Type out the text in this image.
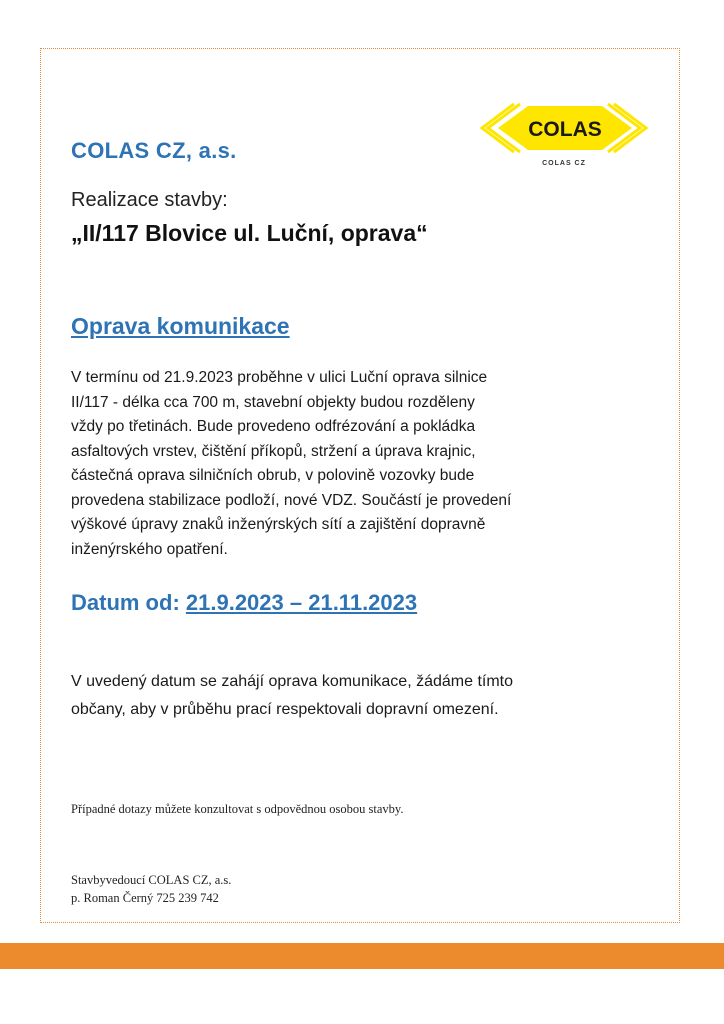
COLAS
COLAS CZ
COLAS CZ, a.s.
Realizace stavby:
„II/117 Blovice ul. Luční, oprava“
Oprava komunikace
V termínu od 21.9.2023 proběhne v ulici Luční oprava silnice
II/117 - délka cca 700 m, stavební objekty budou rozděleny
vždy po třetinách. Bude provedeno odfrézování a pokládka
asfaltových vrstev, čištění příkopů, stržení a úprava krajnic,
částečná oprava silničních obrub, v polovině vozovky bude
provedena stabilizace podloží, nové VDZ. Součástí je provedení
výškové úpravy znaků inženýrských sítí a zajištění dopravně
inženýrského opatření.
Datum od: 21.9.2023 – 21.11.2023
V uvedený datum se zahájí oprava komunikace, žádáme tímto
občany, aby v průběhu prací respektovali dopravní omezení.
Případné dotazy můžete konzultovat s odpovědnou osobou stavby.
Stavbyvedoucí COLAS CZ, a.s.
p. Roman Černý 725 239 742
